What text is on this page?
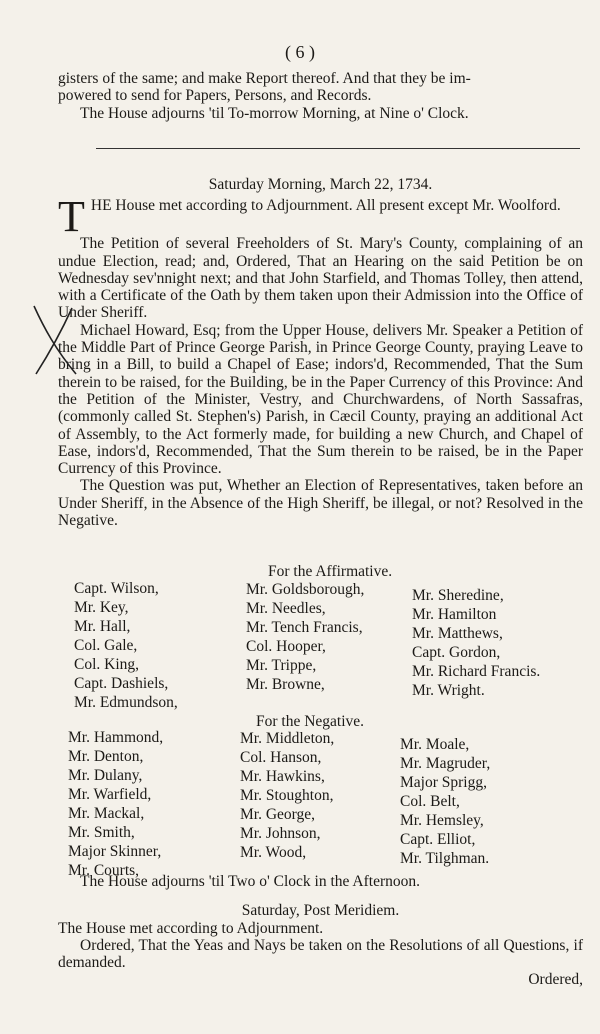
( 6 )

gisters of the same; and make Report thereof. And that they be im-

powered to send for Papers, Persons, and Records.

The House adjourns 'til To-morrow Morning, at Nine o' Clock.

Saturday Morning, March 22, 1734.

THE House met according to Adjournment. All present except Mr. Woolford.

The Petition of several Freeholders of St. Mary's County, complaining of an undue Election, read; and, Ordered, That an Hearing on the said Petition be on Wednesday sev'nnight next; and that John Starfield, and Thomas Tolley, then attend, with a Certificate of the Oath by them taken upon their Admission into the Office of Under Sheriff.

Michael Howard, Esq; from the Upper House, delivers Mr. Speaker a Petition of the Middle Part of Prince George Parish, in Prince George County, praying Leave to bring in a Bill, to build a Chapel of Ease; indors'd, Recommended, That the Sum therein to be raised, for the Building, be in the Paper Currency of this Province: And the Petition of the Minister, Vestry, and Churchwardens, of North Sassafras, (commonly called St. Stephen's) Parish, in Cæcil County, praying an additional Act of Assembly, to the Act formerly made, for building a new Church, and Chapel of Ease, indors'd, Recommended, That the Sum therein to be raised, be in the Paper Currency of this Province.

The Question was put, Whether an Election of Representatives, taken before an Under Sheriff, in the Absence of the High Sheriff, be illegal, or not? Resolved in the Negative.

For the Affirmative.
Capt. Wilson,
Mr. Key,
Mr. Hall,
Col. Gale,
Col. King,
Capt. Dashiels,
Mr. Edmundson,
Mr. Goldsborough,
Mr. Needles,
Mr. Tench Francis,
Col. Hooper,
Mr. Trippe,
Mr. Browne,
Mr. Sheredine,
Mr. Hamilton
Mr. Matthews,
Capt. Gordon,
Mr. Richard Francis.
Mr. Wright.
For the Negative.
Mr. Hammond,
Mr. Denton,
Mr. Dulany,
Mr. Warfield,
Mr. Mackal,
Mr. Smith,
Major Skinner,
Mr. Courts,
Mr. Middleton,
Col. Hanson,
Mr. Hawkins,
Mr. Stoughton,
Mr. George,
Mr. Johnson,
Mr. Wood,
Mr. Moale,
Mr. Magruder,
Major Sprigg,
Col. Belt,
Mr. Hemsley,
Capt. Elliot,
Mr. Tilghman.

The House adjourns 'til Two o' Clock in the Afternoon.

Saturday, Post Meridiem.

The House met according to Adjournment.

Ordered, That the Yeas and Nays be taken on the Resolutions of all Questions, if demanded.

Ordered,
